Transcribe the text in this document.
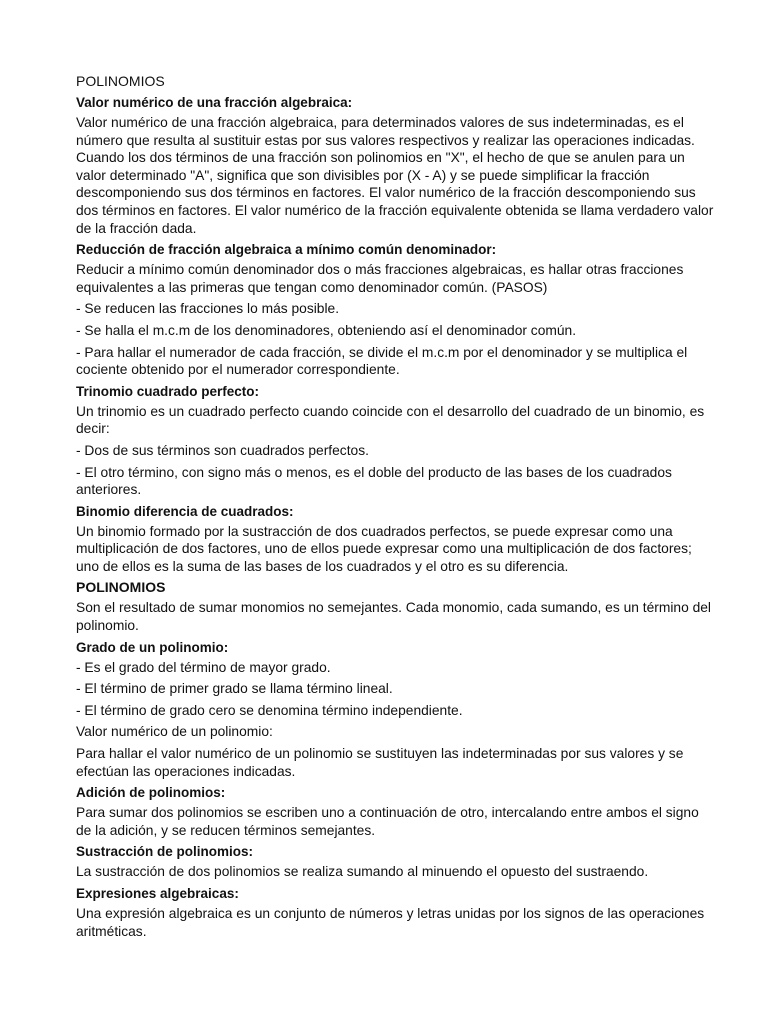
POLINOMIOS
Valor numérico de una fracción algebraica:
Valor numérico de una fracción algebraica, para determinados valores de sus indeterminadas, es el número que resulta al sustituir estas por sus valores respectivos y realizar las operaciones indicadas. Cuando los dos términos de una fracción son polinomios en "X", el hecho de que se anulen para un valor determinado "A", significa que son divisibles por (X - A) y se puede simplificar la fracción descomponiendo sus dos términos en factores. El valor numérico de la fracción descomponiendo sus dos términos en factores. El valor numérico de la fracción equivalente obtenida se llama verdadero valor de la fracción dada.
Reducción de fracción algebraica a mínimo común denominador:
Reducir a mínimo común denominador dos o más fracciones algebraicas, es hallar otras fracciones equivalentes a las primeras que tengan como denominador común. (PASOS)
- Se reducen las fracciones lo más posible.
- Se halla el m.c.m de los denominadores, obteniendo así el denominador común.
- Para hallar el numerador de cada fracción, se divide el m.c.m por el denominador y se multiplica el cociente obtenido por el numerador correspondiente.
Trinomio cuadrado perfecto:
Un trinomio es un cuadrado perfecto cuando coincide con el desarrollo del cuadrado de un binomio, es decir:
- Dos de sus términos son cuadrados perfectos.
- El otro término, con signo más o menos, es el doble del producto de las bases de los cuadrados anteriores.
Binomio diferencia de cuadrados:
Un binomio formado por la sustracción de dos cuadrados perfectos, se puede expresar como una multiplicación de dos factores, uno de ellos puede expresar como una multiplicación de dos factores; uno de ellos es la suma de las bases de los cuadrados y el otro es su diferencia.
POLINOMIOS
Son el resultado de sumar monomios no semejantes. Cada monomio, cada sumando, es un término del polinomio.
Grado de un polinomio:
- Es el grado del término de mayor grado.
- El término de primer grado se llama término lineal.
- El término de grado cero se denomina término independiente.
Valor numérico de un polinomio:
Para hallar el valor numérico de un polinomio se sustituyen las indeterminadas por sus valores y se efectúan las operaciones indicadas.
Adición de polinomios:
Para sumar dos polinomios se escriben uno a continuación de otro, intercalando entre ambos el signo de la adición, y se reducen términos semejantes.
Sustracción de polinomios:
La sustracción de dos polinomios se realiza sumando al minuendo el opuesto del sustraendo.
Expresiones algebraicas:
Una expresión algebraica es un conjunto de números y letras unidas por los signos de las operaciones aritméticas.
